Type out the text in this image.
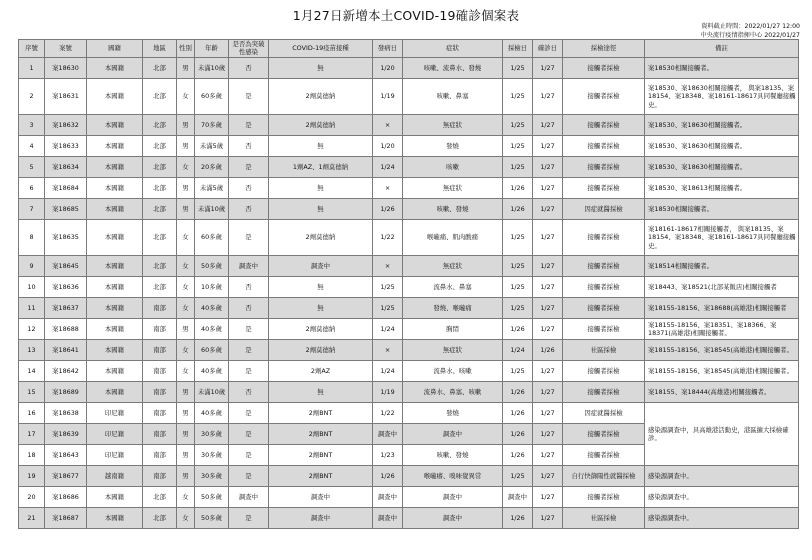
1月27日新增本土COVID-19確診個案表
資料截止時間：2022/01/27 12:00
中央流行疫情指揮中心 2022/01/27
序號	案號	國籍	地區	性別	年齡	是否為突破性感染	COVID-19疫苗接種	發病日	症狀	採檢日	確診日	採檢途徑	備註
1	案18630	本國籍	北部	男	未滿10歲	否	無	1/20	咳嗽、流鼻水、發燒	1/25	1/27	接觸者採檢	案18530相關接觸者。
2	案18631	本國籍	北部	女	60多歲	是	2劑莫德納	1/19	咳嗽、鼻塞	1/25	1/27	接觸者採檢	案18530、案18630相關接觸者， 與案18135、案18154、案18348、案18161-18617具同餐廳接觸史。
3	案18632	本國籍	北部	男	70多歲	是	2劑莫德納	×	無症狀	1/25	1/27	接觸者採檢	案18530、案18630相關接觸者。
4	案18633	本國籍	北部	男	未滿5歲	否	無	1/20	發燒	1/25	1/27	接觸者採檢	案18530、案18630相關接觸者。
5	案18634	本國籍	北部	女	20多歲	是	1劑AZ、1劑莫德納	1/24	咳嗽	1/25	1/27	接觸者採檢	案18530、案18630相關接觸者。
6	案18684	本國籍	北部	男	未滿5歲	否	無	×	無症狀	1/26	1/27	接觸者採檢	案18530、案18613相關接觸者。
7	案18685	本國籍	北部	男	未滿10歲	否	無	1/26	咳嗽、發燒	1/26	1/27	因症就醫採檢	案18530相關接觸者。
8	案18635	本國籍	北部	女	60多歲	是	2劑莫德納	1/22	喉嚨痛、肌肉酸痛	1/25	1/27	接觸者採檢	案18161-18617相關接觸者， 與案18135、案18154、案18348、案18161-18617具同餐廳接觸史。
9	案18645	本國籍	北部	女	50多歲	調查中	調查中	×	無症狀	1/25	1/27	接觸者採檢	案18514相關接觸者。
10	案18636	本國籍	北部	女	10多歲	否	無	1/25	流鼻水、鼻塞	1/25	1/27	接觸者採檢	案18443、案18521(北部某飯店)相關接觸者
11	案18637	本國籍	南部	女	40多歲	否	無	1/25	發燒、喉嚨痛	1/25	1/27	接觸者採檢	案18155-18156、案18688(高雄港)相關接觸者
12	案18688	本國籍	南部	男	40多歲	是	2劑莫德納	1/24	胸悶	1/26	1/27	接觸者採檢	案18155-18156、案18351、案18366、案18371(高雄港)相關接觸者。
13	案18641	本國籍	南部	女	60多歲	是	2劑莫德納	×	無症狀	1/24	1/26	社區採檢	案18155-18156、案18545(高雄港)相關接觸者。
14	案18642	本國籍	南部	女	40多歲	是	2劑AZ	1/24	流鼻水、咳嗽	1/25	1/27	接觸者採檢	案18155-18156、案18545(高雄港)相關接觸者。
15	案18689	本國籍	南部	男	未滿10歲	否	無	1/19	流鼻水、鼻塞、咳嗽	1/26	1/27	接觸者採檢	案18155、案18444(高雄港)相關接觸者。
16	案18638	印尼籍	南部	男	40多歲	是	2劑BNT	1/22	發燒	1/26	1/27	因症就醫採檢	感染源調查中，具高雄港活動史，港區擴大採檢確診。
17	案18639	印尼籍	南部	男	30多歲	是	2劑BNT	調查中	調查中	1/26	1/27	接觸者採檢	
18	案18643	印尼籍	南部	男	30多歲	是	2劑BNT	1/23	咳嗽、發燒	1/26	1/27	接觸者採檢	
19	案18677	越南籍	南部	男	30多歲	是	2劑BNT	1/26	喉嚨癢、嗅味覺異常	1/25	1/27	自行快篩陽性就醫採檢	感染源調查中。
20	案18686	本國籍	北部	女	50多歲	調查中	調查中	調查中	調查中	調查中	1/27	接觸者採檢	感染源調查中。
21	案18687	本國籍	北部	女	50多歲	是	調查中	調查中	調查中	1/26	1/27	社區採檢	感染源調查中。
